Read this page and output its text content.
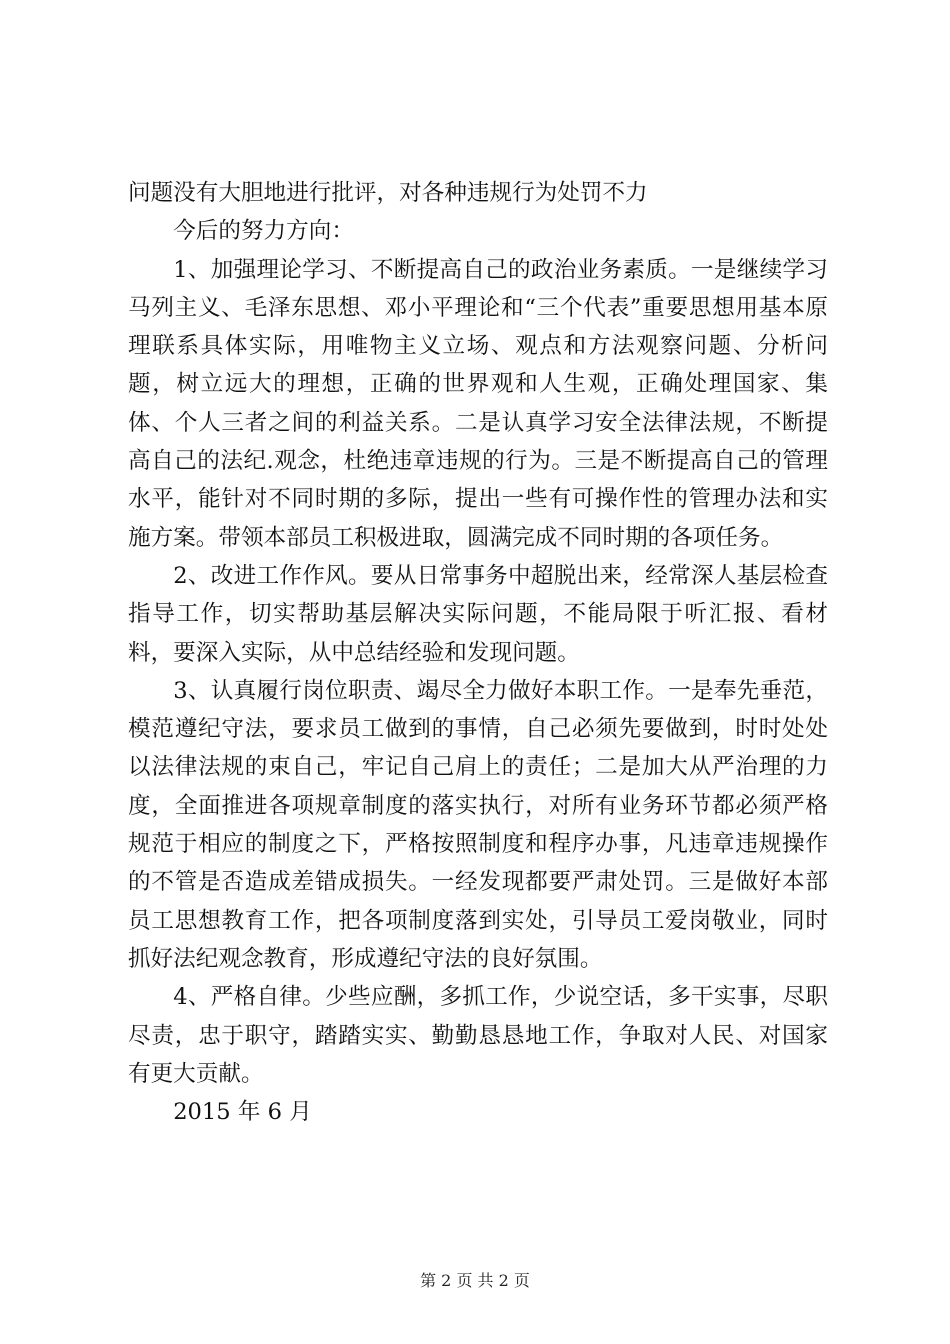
问题没有大胆地进行批评，对各种违规行为处罚不力

今后的努力方向：

1、加强理论学习、不断提高自己的政治业务素质。一是继续学习马列主义、毛泽东思想、邓小平理论和“三个代表”重要思想用基本原理联系具体实际，用唯物主义立场、观点和方法观察问题、分析问题，树立远大的理想，正确的世界观和人生观，正确处理国家、集体、个人三者之间的利益关系。二是认真学习安全法律法规，不断提高自己的法纪.观念，杜绝违章违规的行为。三是不断提高自己的管理水平，能针对不同时期的多际，提出一些有可操作性的管理办法和实施方案。带领本部员工积极进取，圆满完成不同时期的各项任务。

2、改进工作作风。要从日常事务中超脱出来，经常深人基层检查指导工作，切实帮助基层解决实际问题，不能局限于听汇报、看材料，要深入实际，从中总结经验和发现问题。

3、认真履行岗位职责、竭尽全力做好本职工作。一是奉先垂范，模范遵纪守法，要求员工做到的事情，自己必须先要做到，时时处处以法律法规的束自己，牢记自己肩上的责任；二是加大从严治理的力度，全面推进各项规章制度的落实执行，对所有业务环节都必须严格规范于相应的制度之下，严格按照制度和程序办事，凡违章违规操作的不管是否造成差错成损失。一经发现都要严肃处罚。三是做好本部员工思想教育工作，把各项制度落到实处，引导员工爱岗敬业，同时抓好法纪观念教育，形成遵纪守法的良好氛围。

4、严格自律。少些应酬，多抓工作，少说空话，多干实事，尽职尽责，忠于职守，踏踏实实、勤勤恳恳地工作，争取对人民、对国家有更大贡献。

2015 年 6 月

第 2 页 共 2 页
